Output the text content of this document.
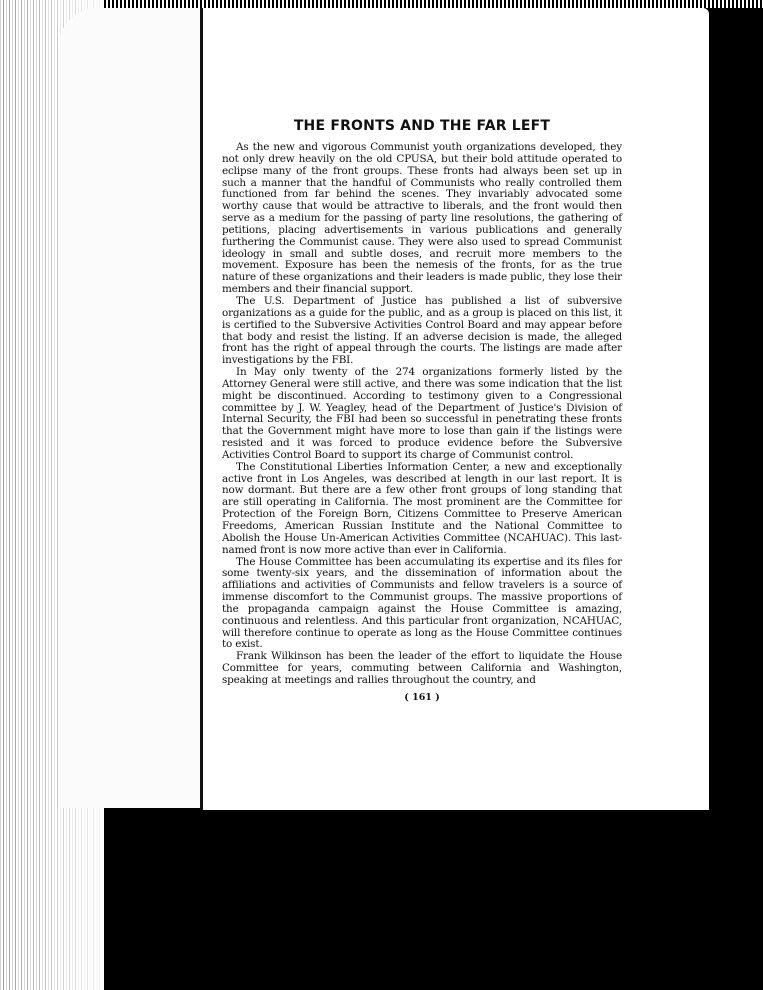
THE FRONTS AND THE FAR LEFT

As the new and vigorous Communist youth organizations developed, they not only drew heavily on the old CPUSA, but their bold attitude operated to eclipse many of the front groups. These fronts had always been set up in such a manner that the handful of Communists who really controlled them functioned from far behind the scenes. They invariably advocated some worthy cause that would be attractive to liberals, and the front would then serve as a medium for the passing of party line resolutions, the gathering of petitions, placing advertisements in various publications and generally furthering the Communist cause. They were also used to spread Communist ideology in small and subtle doses, and recruit more members to the movement. Exposure has been the nemesis of the fronts, for as the true nature of these organizations and their leaders is made public, they lose their members and their financial support.

The U.S. Department of Justice has published a list of subversive organizations as a guide for the public, and as a group is placed on this list, it is certified to the Subversive Activities Control Board and may appear before that body and resist the listing. If an adverse decision is made, the alleged front has the right of appeal through the courts. The listings are made after investigations by the FBI.

In May only twenty of the 274 organizations formerly listed by the Attorney General were still active, and there was some indication that the list might be discontinued. According to testimony given to a Congressional committee by J. W. Yeagley, head of the Department of Justice's Division of Internal Security, the FBI had been so successful in penetrating these fronts that the Government might have more to lose than gain if the listings were resisted and it was forced to produce evidence before the Subversive Activities Control Board to support its charge of Communist control.

The Constitutional Liberties Information Center, a new and exceptionally active front in Los Angeles, was described at length in our last report. It is now dormant. But there are a few other front groups of long standing that are still operating in California. The most prominent are the Committee for Protection of the Foreign Born, Citizens Committee to Preserve American Freedoms, American Russian Institute and the National Committee to Abolish the House Un-American Activities Committee (NCAHUAC). This last-named front is now more active than ever in California.

The House Committee has been accumulating its expertise and its files for some twenty-six years, and the dissemination of information about the affiliations and activities of Communists and fellow travelers is a source of immense discomfort to the Communist groups. The massive proportions of the propaganda campaign against the House Committee is amazing, continuous and relentless. And this particular front organization, NCAHUAC, will therefore continue to operate as long as the House Committee continues to exist.

Frank Wilkinson has been the leader of the effort to liquidate the House Committee for years, commuting between California and Washington, speaking at meetings and rallies throughout the country, and

( 161 )
